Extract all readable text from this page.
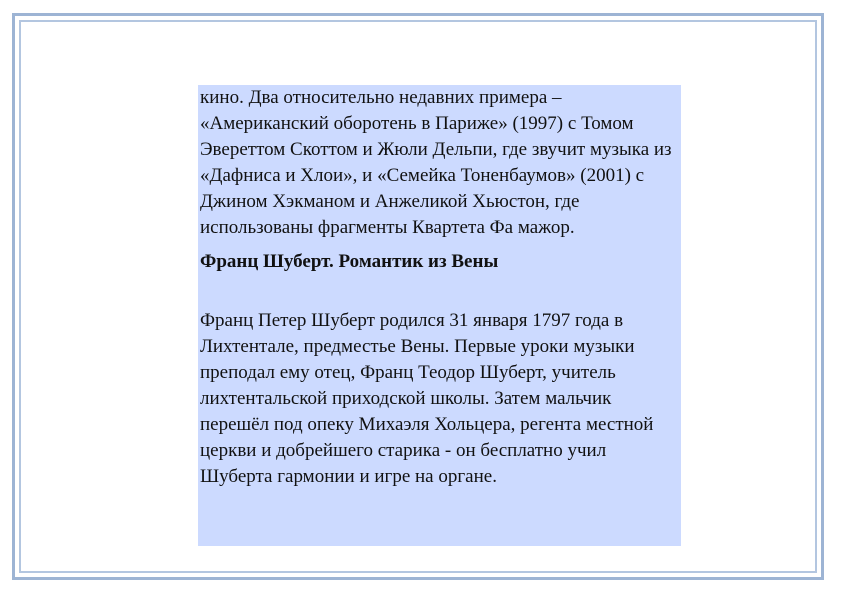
кино. Два относительно недавних примера – «Американский оборотень в Париже» (1997) с Томом Эвереттом Скоттом и Жюли Дельпи, где звучит музыка из «Дафниса и Хлои», и «Семейка Тоненбаумов» (2001) с Джином Хэкманом и Анжеликой Хьюстон, где использованы фрагменты Квартета Фа мажор.

Франц Шуберт. Романтик из Вены

Франц Петер Шуберт родился 31 января 1797 года в Лихтентале, предместье Вены. Первые уроки музыки преподал ему отец, Франц Теодор Шуберт, учитель лихтентальской приходской школы. Затем мальчик перешёл под опеку Михаэля Хольцера, регента местной церкви и добрейшего старика - он бесплатно учил Шуберта гармонии и игре на органе.
